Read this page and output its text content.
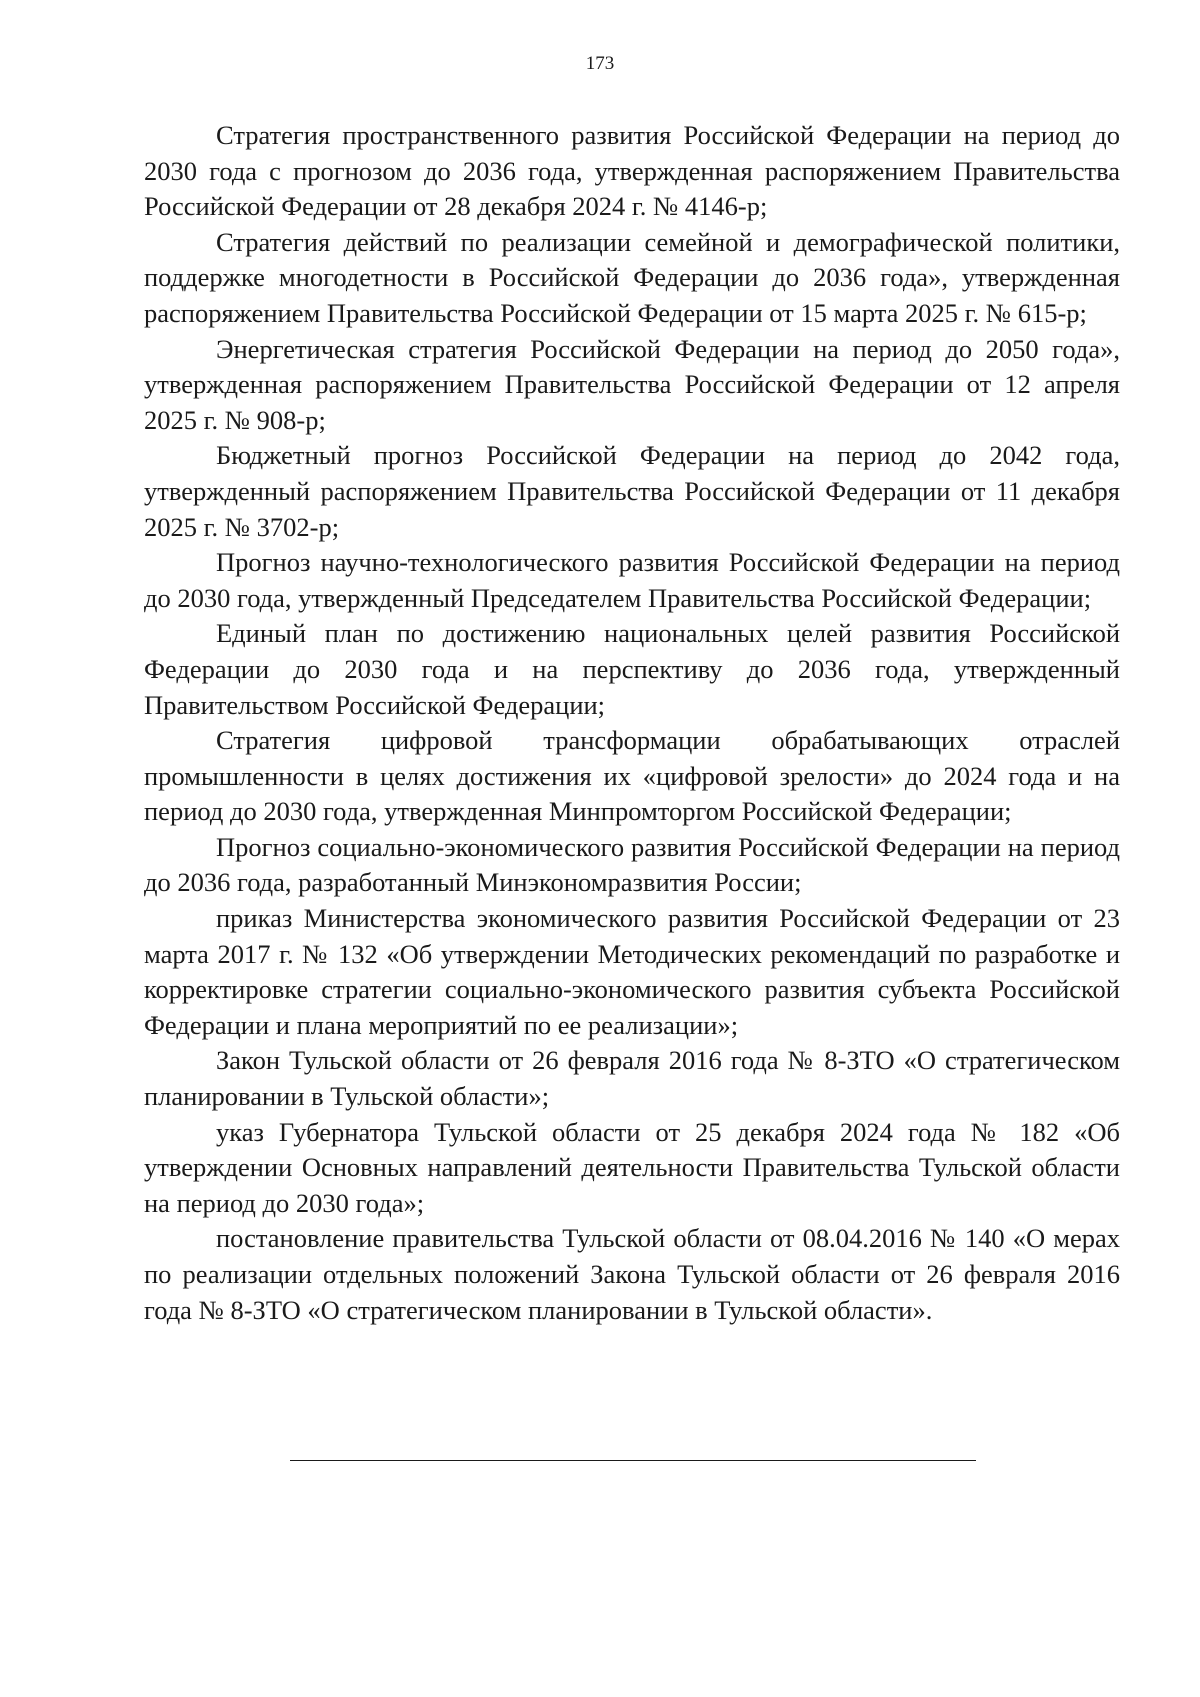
173

Стратегия пространственного развития Российской Федерации на период до 2030 года с прогнозом до 2036 года, утвержденная распоряжением Правительства Российской Федерации от 28 декабря 2024 г. № 4146-р;

Стратегия действий по реализации семейной и демографической политики, поддержке многодетности в Российской Федерации до 2036 года», утвержденная распоряжением Правительства Российской Федерации от 15 марта 2025 г. № 615-р;

Энергетическая стратегия Российской Федерации на период до 2050 года», утвержденная распоряжением Правительства Российской Федерации от 12 апреля 2025 г. № 908-р;

Бюджетный прогноз Российской Федерации на период до 2042 года, утвержденный распоряжением Правительства Российской Федерации от 11 декабря 2025 г. № 3702-р;

Прогноз научно-технологического развития Российской Федерации на период до 2030 года, утвержденный Председателем Правительства Российской Федерации;

Единый план по достижению национальных целей развития Российской Федерации до 2030 года и на перспективу до 2036 года, утвержденный Правительством Российской Федерации;

Стратегия цифровой трансформации обрабатывающих отраслей промышленности в целях достижения их «цифровой зрелости» до 2024 года и на период до 2030 года, утвержденная Минпромторгом Российской Федерации;

Прогноз социально-экономического развития Российской Федерации на период до 2036 года, разработанный Минэкономразвития России;

приказ Министерства экономического развития Российской Федерации от 23 марта 2017 г. № 132 «Об утверждении Методических рекомендаций по разработке и корректировке стратегии социально-экономического развития субъекта Российской Федерации и плана мероприятий по ее реализации»;

Закон Тульской области от 26 февраля 2016 года № 8-ЗТО «О стратегическом планировании в Тульской области»;

указ Губернатора Тульской области от 25 декабря 2024 года № 182 «Об утверждении Основных направлений деятельности Правительства Тульской области на период до 2030 года»;

постановление правительства Тульской области от 08.04.2016 № 140 «О мерах по реализации отдельных положений Закона Тульской области от 26 февраля 2016 года № 8-ЗТО «О стратегическом планировании в Тульской области».
